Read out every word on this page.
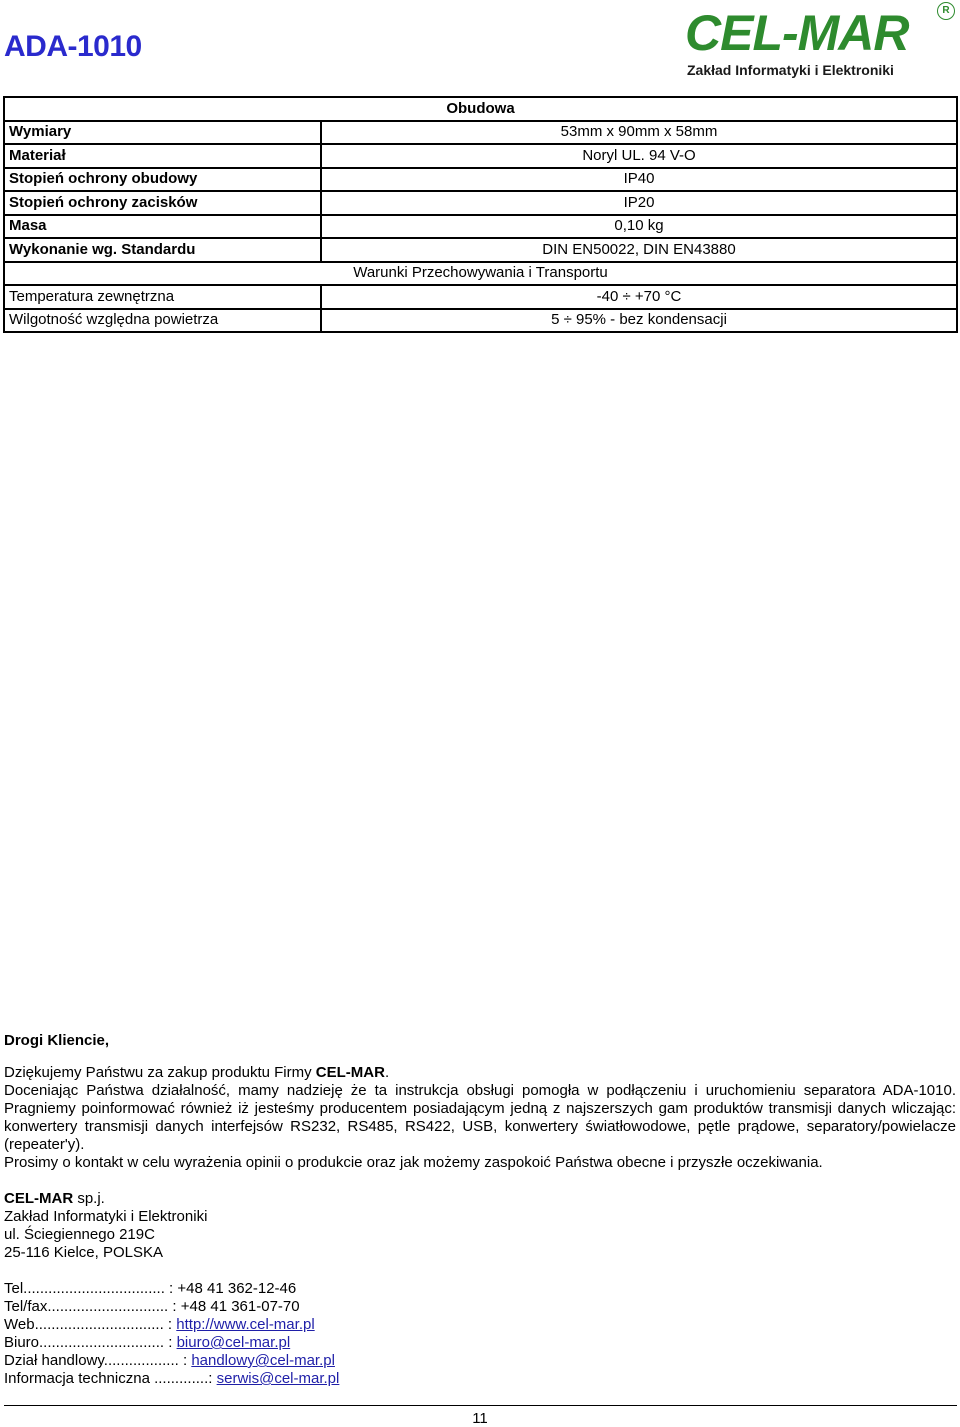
ADA-1010	CEL-MAR	R
Zakład Informatyki i Elektroniki
Obudowa	
Wymiary	53mm x 90mm x 58mm
Materiał	Noryl UL. 94 V-O
Stopień ochrony obudowy	IP40
Stopień ochrony zacisków	IP20
Masa	0,10 kg
Wykonanie wg. Standardu	DIN EN50022, DIN EN43880
Warunki Przechowywania i Transportu	
Temperatura zewnętrzna	-40 ÷ +70 °C
Wilgotność względna powietrza	5 ÷ 95% - bez kondensacji

Drogi Kliencie,

Dziękujemy Państwu za zakup produktu Firmy CEL-MAR.

Doceniając Państwa działalność, mamy nadzieję że ta instrukcja obsługi pomogła w podłączeniu i uruchomieniu separatora ADA-1010. Pragniemy poinformować również iż jesteśmy producentem posiadającym jedną z najszerszych gam produktów transmisji danych wliczając: konwertery transmisji danych interfejsów RS232, RS485, RS422, USB, konwertery światłowodowe, pętle prądowe, separatory/powielacze (repeater'y).

Prosimy o kontakt w celu wyrażenia opinii o produkcie oraz jak możemy zaspokoić Państwa obecne i przyszłe oczekiwania.

CEL-MAR sp.j.

Zakład Informatyki i Elektroniki

ul. Ściegiennego 219C

25-116 Kielce, POLSKA

Tel.................................. : +48 41 362-12-46
Tel/fax............................. : +48 41 361-07-70
Web............................... : http://www.cel-mar.pl
Biuro.............................. : biuro@cel-mar.pl
Dział handlowy.................. : handlowy@cel-mar.pl
Informacja techniczna .............: serwis@cel-mar.pl
11
